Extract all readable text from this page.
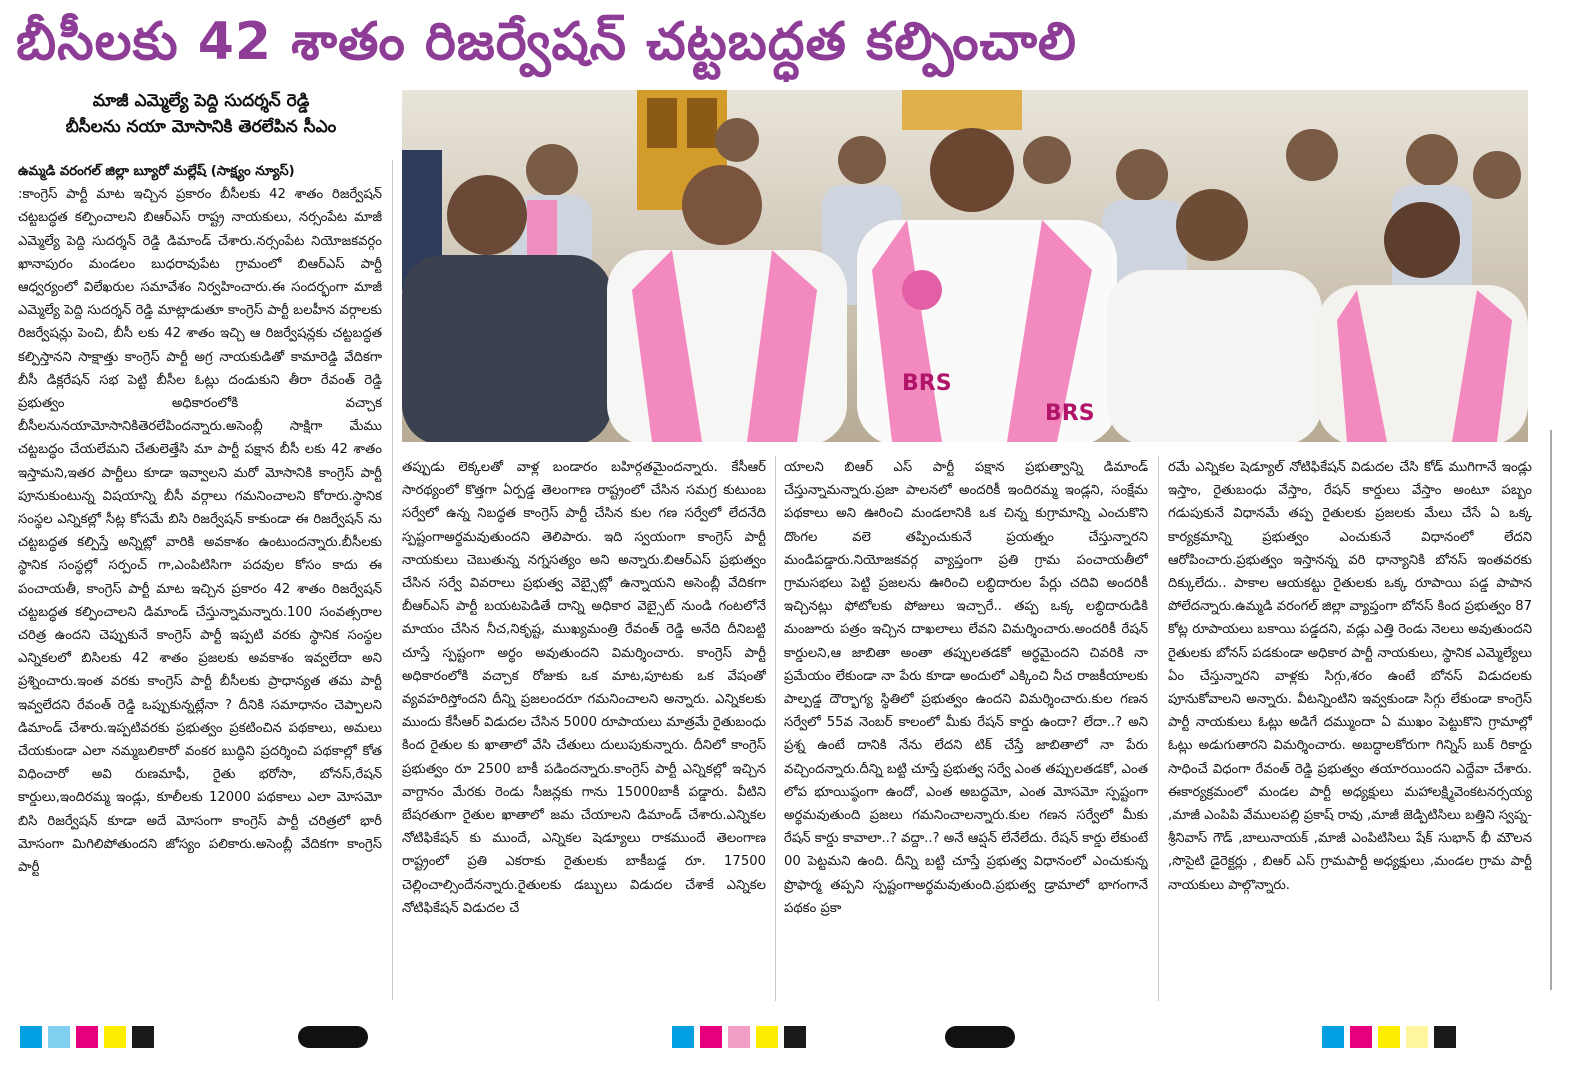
బీసీలకు 42 శాతం రిజర్వేషన్ చట్టబద్ధత కల్పించాలి
మాజీ ఎమ్మెల్యే పెద్ది సుదర్శన్ రెడ్డి
బీసీలను నయా మోసానికి తెరలేపిన సీఎం
BRS
BRS

ఉమ్మడి వరంగల్ జిల్లా బ్యూరో మల్లేష్ (సాక్ష్యం న్యూస్)

:కాంగ్రెస్ పార్టీ మాట ఇచ్చిన ప్రకారం బీసీలకు 42 శాతం రిజర్వేషన్ చట్టబద్ధత కల్పించాలని బిఆర్ఎస్ రాష్ట్ర నాయకులు, నర్సంపేట మాజీ ఎమ్మెల్యే పెద్ది సుదర్శన్ రెడ్డి డిమాండ్ చేశారు.నర్సంపేట నియోజకవర్గం ఖానాపురం మండలం బుధరావుపేట గ్రామంలో బిఆర్ఎస్ పార్టీ ఆధ్వర్యంలో విలేఖరుల సమావేశం నిర్వహించారు.ఈ సందర్భంగా మాజీ ఎమ్మెల్యే పెద్ది సుదర్శన్ రెడ్డి మాట్లాడుతూ కాంగ్రెస్ పార్టీ బలహీన వర్గాలకు రిజర్వేషన్లు పెంచి, బీసీ లకు 42 శాతం ఇచ్చి ఆ రిజర్వేషన్లకు చట్టబద్ధత కల్పిస్తానని సాక్షాత్తు కాంగ్రెస్ పార్టీ అగ్ర నాయకుడితో కామారెడ్డి వేదికగా బీసీ డిక్లరేషన్ సభ పెట్టి బీసీల ఓట్లు దండుకుని తీరా రేవంత్ రెడ్డి ప్రభుత్వం అధికారంలోకి వచ్చాక బీసీలనునయామోసానికితెరలేపిందన్నారు.అసెంబ్లీ సాక్షిగా మేము చట్టబద్ధం చేయలేమని చేతులెత్తేసి మా పార్టీ పక్షాన బీసీ లకు 42 శాతం ఇస్తామని,ఇతర పార్టీలు కూడా ఇవ్వాలని మరో మోసానికి కాంగ్రెస్ పార్టీ పూనుకుంటున్న విషయాన్ని బీసీ వర్గాలు గమనించాలని కోరారు.స్థానిక సంస్థల ఎన్నికల్లో సీట్ల కోసమే బిసి రిజర్వేషన్ కాకుండా ఈ రిజర్వేషన్ ను చట్టబద్ధత కల్పిస్తే అన్నిట్లో వారికి అవకాశం ఉంటుందన్నారు.బీసీలకు స్థానిక సంస్థల్లో సర్పంచ్ గా,ఎంపిటిసిగా పదవుల కోసం కాదు ఈ పంచాయతీ, కాంగ్రెస్ పార్టీ మాట ఇచ్చిన ప్రకారం 42 శాతం రిజర్వేషన్ చట్టబద్ధత కల్పించాలని డిమాండ్ చేస్తున్నామన్నారు.100 సంవత్సరాల చరిత్ర ఉందని చెప్పుకునే కాంగ్రెస్ పార్టీ ఇప్పటి వరకు స్థానిక సంస్థల ఎన్నికలలో బిసిలకు 42 శాతం ప్రజలకు అవకాశం ఇవ్వలేదా అని ప్రశ్నించారు.ఇంత వరకు కాంగ్రెస్ పార్టీ బీసీలకు ప్రాధాన్యత తమ పార్టీ ఇవ్వలేదని రేవంత్ రెడ్డి ఒప్పుకున్నట్లేనా ? దీనికి సమాధానం చెప్పాలని డిమాండ్ చేశారు.ఇప్పటివరకు ప్రభుత్వం ప్రకటించిన పథకాలు, అమలు చేయకుండా ఎలా నమ్మబలికారో వంకర బుద్ధిని ప్రదర్శించి పథకాల్లో కోత విధించారో అవి రుణమాఫీ, రైతు భరోసా, బోనస్,రేషన్ కార్డులు,ఇందిరమ్మ ఇండ్లు, కూలీలకు 12000 పథకాలు ఎలా మోసమో బిసి రిజర్వేషన్ కూడా అదే మోసంగా కాంగ్రెస్ పార్టీ చరిత్రలో భారీ మోసంగా మిగిలిపోతుందని జోస్యం పలికారు.అసెంబ్లీ వేదికగా కాంగ్రెస్ పార్టీ

తప్పుడు లెక్కలతో వాళ్ల బండారం బహిర్గతమైందన్నారు. కేసీఆర్ సారథ్యంలో కొత్తగా ఏర్పడ్డ తెలంగాణ రాష్ట్రంలో చేసిన సమగ్ర కుటుంబ సర్వేలో ఉన్న నిబద్ధత కాంగ్రెస్ పార్టీ చేసిన కుల గణ సర్వేలో లేదనేది స్పష్టంగాఅర్థమవుతుందని తెలిపారు. ఇది స్వయంగా కాంగ్రెస్ పార్టీ నాయకులు చెబుతున్న నగ్నసత్యం అని అన్నారు.బిఆర్ఎస్ ప్రభుత్వం చేసిన సర్వే వివరాలు ప్రభుత్వ వెబ్సైట్లో ఉన్నాయని అసెంబ్లీ వేదికగా బీఆర్ఎస్ పార్టీ బయటపెడితే దాన్ని అధికార వెబ్సైట్ నుండి గంటలోనే మాయం చేసిన నీచ,నికృష్ట, ముఖ్యమంత్రి రేవంత్ రెడ్డి అనేది దీనిబట్టి చూస్తే స్పష్టంగా అర్థం అవుతుందని విమర్శించారు. కాంగ్రెస్ పార్టీ అధికారంలోకి వచ్చాక రోజుకు ఒక మాట,పూటకు ఒక వేషంతో వ్యవహరిస్తోందని దీన్ని ప్రజలందరూ గమనించాలని అన్నారు. ఎన్నికలకు ముందు కేసీఆర్ విడుదల చేసిన 5000 రూపాయలు మాత్రమే రైతుబంధు కింద రైతుల కు ఖాతాలో వేసి చేతులు దులుపుకున్నారు. దీనిలో కాంగ్రెస్ ప్రభుత్వం రూ 2500 బాకీ పడిందన్నారు.కాంగ్రెస్ పార్టీ ఎన్నికల్లో ఇచ్చిన వాగ్దానం మేరకు రెండు సీజన్లకు గాను 15000బాకీ పడ్డారు. వీటిని బేషరతుగా రైతుల ఖాతాలో జమ చేయాలని డిమాండ్ చేశారు.ఎన్నికల నోటిఫికేషన్ కు ముందే, ఎన్నికల షెడ్యూలు రాకముందే తెలంగాణ రాష్ట్రంలో ప్రతి ఎకరాకు రైతులకు బాకీబడ్డ రూ. 17500 చెల్లించాల్సిందేనన్నారు.రైతులకు డబ్బులు విడుదల చేశాకే ఎన్నికల నోటిఫికేషన్ విడుదల చే

యాలని బిఆర్ ఎస్ పార్టీ పక్షాన ప్రభుత్వాన్ని డిమాండ్ చేస్తున్నామన్నారు.ప్రజా పాలనలో అందరికీ ఇందిరమ్మ ఇండ్లని, సంక్షేమ పథకాలు అని ఊరించి మండలానికి ఒక చిన్న కుగ్రామాన్ని ఎంచుకొని దొంగల వలె తప్పించుకునే ప్రయత్నం చేస్తున్నారని మండిపడ్డారు.నియోజకవర్గ వ్యాప్తంగా ప్రతి గ్రామ పంచాయతీలో గ్రామసభలు పెట్టి ప్రజలను ఊరించి లబ్ధిదారుల పేర్లు చదివి అందరికీ ఇచ్చినట్లు ఫోటోలకు పోజులు ఇచ్చారే.. తప్ప ఒక్క లబ్ధిదారుడికి మంజూరు పత్రం ఇచ్చిన దాఖలాలు లేవని విమర్శించారు.అందరికీ రేషన్ కార్డులని,ఆ జాబితా అంతా తప్పులతడకో అర్థమైందని చివరికి నా ప్రమేయం లేకుండా నా పేరు కూడా అందులో ఎక్కించి నీచ రాజకీయాలకు పాల్పడ్డ దౌర్భాగ్య స్థితిలో ప్రభుత్వం ఉందని విమర్శించారు.కుల గణన సర్వేలో 55వ నెంబర్ కాలంలో మీకు రేషన్ కార్డు ఉందా? లేదా..? అని ప్రశ్న ఉంటే దానికి నేను లేదని టిక్ చేస్తే జాబితాలో నా పేరు వచ్చిందన్నారు.దీన్ని బట్టి చూస్తే ప్రభుత్వ సర్వే ఎంత తప్పులతడకో, ఎంత లోప భూయిష్ఠంగా ఉందో, ఎంత అబద్ధమో, ఎంత మోసమో స్పష్టంగా అర్థమవుతుంది ప్రజలు గమనించాలన్నారు.కుల గణన సర్వేలో మీకు రేషన్ కార్డు కావాలా..? వద్దా..? అనే ఆప్షన్ లేనేలేదు. రేషన్ కార్డు లేకుంటే 00 పెట్టమని ఉంది. దీన్ని బట్టి చూస్తే ప్రభుత్వ విధానంలో ఎంచుకున్న ప్రొఫార్మ తప్పని స్పష్టంగాఅర్థమవుతుంది.ప్రభుత్వ డ్రామాలో భాగంగానే పథకం ప్రకా

రమే ఎన్నికల షెడ్యూల్ నోటిఫికేషన్ విడుదల చేసి కోడ్ ముగిగానే ఇండ్లు ఇస్తాం, రైతుబంధు వేస్తాం, రేషన్ కార్డులు వేస్తాం అంటూ పబ్బం గడుపుకునే విధానమే తప్ప రైతులకు ప్రజలకు మేలు చేసే ఏ ఒక్క కార్యక్రమాన్ని ప్రభుత్వం ఎంచుకునే విధానంలో లేదని ఆరోపించారు.ప్రభుత్వం ఇస్తానన్న వరి ధాన్యానికి బోనస్ ఇంతవరకు దిక్కులేదు.. పాకాల ఆయకట్టు రైతులకు ఒక్క రూపాయి పడ్డ పాపాన పోలేదన్నారు.ఉమ్మడి వరంగల్ జిల్లా వ్యాప్తంగా బోనస్ కింద ప్రభుత్వం 87 కోట్ల రూపాయలు బకాయి పడ్డదని, వడ్లు ఎత్తి రెండు నెలలు అవుతుందని రైతులకు బోనస్ పడకుండా అధికార పార్టీ నాయకులు, స్థానిక ఎమ్మెల్యేలు ఏం చేస్తున్నారని వాళ్లకు సిగ్గు,శరం ఉంటే బోనస్ విడుదలకు పూనుకోవాలని అన్నారు. వీటన్నింటిని ఇవ్వకుండా సిగ్గు లేకుండా కాంగ్రెస్ పార్టీ నాయకులు ఓట్లు అడిగే దమ్ముందా ఏ ముఖం పెట్టుకొని గ్రామాల్లో ఓట్లు అడుగుతారని విమర్శించారు. అబద్ధాలకోరుగా గిన్నిస్ బుక్ రికార్డు సాధించే విధంగా రేవంత్ రెడ్డి ప్రభుత్వం తయారయిందని ఎద్దేవా చేశారు. ఈకార్యక్రమంలో మండల పార్టీ అధ్యక్షులు మహాలక్ష్మివెంకటనర్సయ్య ,మాజీ ఎంపిపి వేములపల్లి ప్రకాష్ రావు ,మాజీ జెడ్పిటిసిలు బత్తిని స్వప్న-శ్రీనివాస్ గౌడ్ ,బాలునాయక్ ,మాజీ ఎంపిటిసిలు షేక్ సుభాన్ భీ మౌలన ,సొసైటి డైరెక్టర్లు , బిఆర్ ఎస్ గ్రామపార్టీ అధ్యక్షులు ,మండల గ్రామ పార్టీ నాయకులు పాల్గొన్నారు.
